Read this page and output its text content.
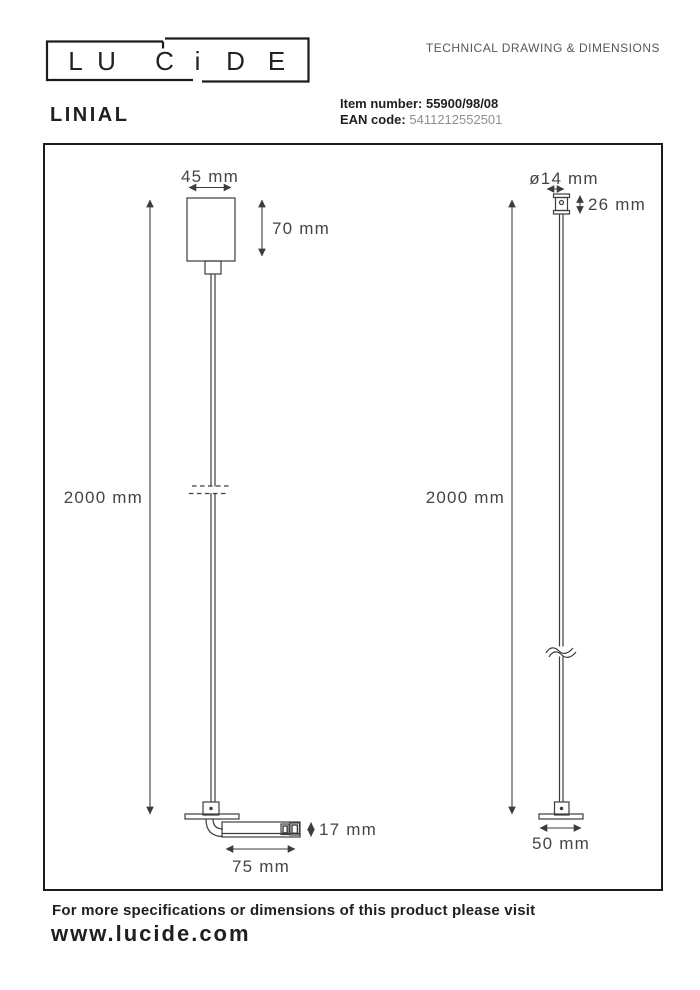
L U C i D E	TECHNICAL DRAWING & DIMENSIONS
LINIAL
Item number: 55900/98/08
EAN code: 5411212552501
45 mm
70 mm
2000 mm
17 mm
75 mm
ø14 mm
26 mm
2000 mm
50 mm
For more specifications or dimensions of this product please visit
www.lucide.com
